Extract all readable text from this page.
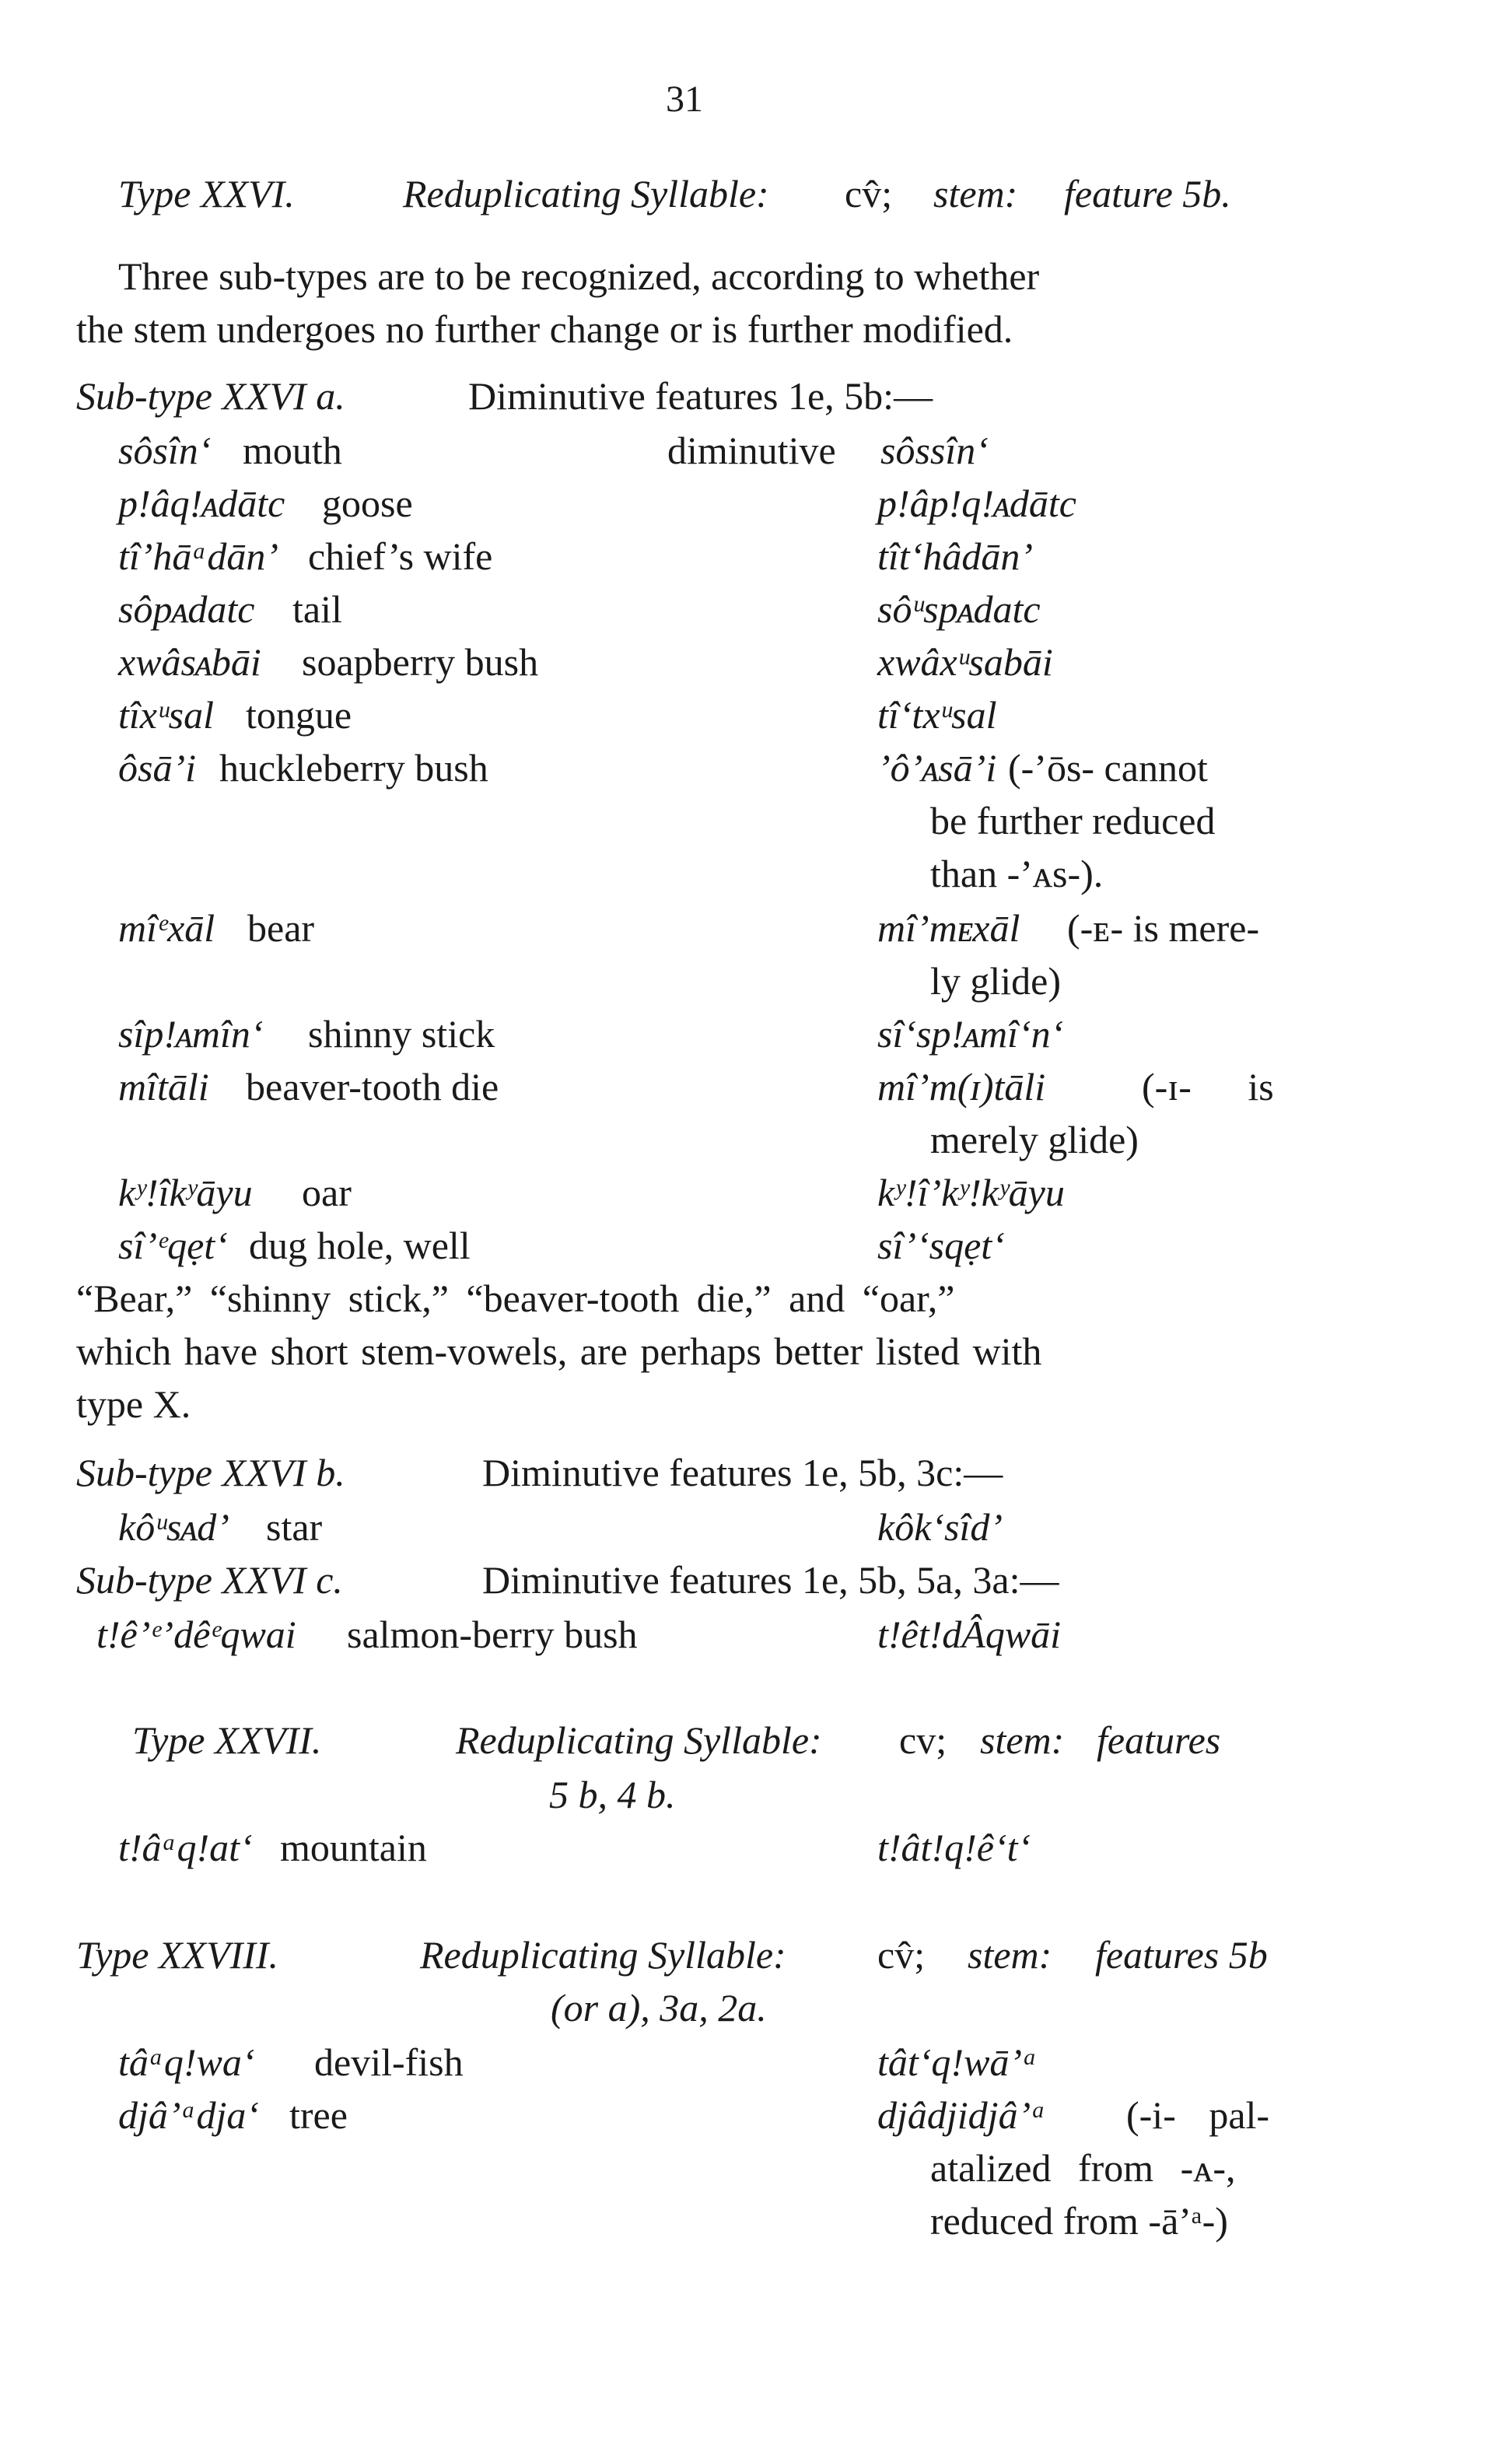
31
Type XXVI.	Reduplicating Syllable: cv̂; stem: feature 5b.
Three sub-types are to be recognized, according to whether
the stem undergoes no further change or is further modified.
Sub-type XXVI a.	Diminutive features 1e, 5b:—
sôsîn‘ mouth	diminutive sôssîn‘
p!âq!ᴀdātc goose	p!âp!q!ᴀdātc
tî’hāᵃdān’ chief’s wife	tît‘hâdān’
sôpᴀdatc tail	sôᵘspᴀdatc
xwâsᴀbāi soapberry bush	xwâxᵘsabāi
tîxᵘsal tongue	tî‘txᵘsal
ôsā’i huckleberry bush	’ô’ᴀsā’i (-’ōs- cannot
be further reduced
than -’ᴀs-).
mîᵉxāl bear	mî’mᴇxāl (-ᴇ- is mere-
ly glide)
sîp!ᴀmîn‘ shinny stick	sî‘sp!ᴀmî‘n‘
mîtāli beaver-tooth die	mî’m(ɪ)tāli (-ɪ- is
merely glide)
kʸ!îkʸāyu oar	kʸ!î’kʸ!kʸāyu
sî’ᵉqẹt‘ dug hole, well	sî’‘sqẹt‘
“Bear,” “shinny stick,” “beaver-tooth die,” and “oar,”
which have short stem-vowels, are perhaps better listed with
type X.
Sub-type XXVI b.	Diminutive features 1e, 5b, 3c:—
kôᵘsᴀd’ star	kôk‘sîd’
Sub-type XXVI c.	Diminutive features 1e, 5b, 5a, 3a:—
t!ê’ᵉ’dêᵉqwai salmon-berry bush	t!êt!dÂqwāi
Type XXVII.	Reduplicating Syllable: cv; stem: features
5 b, 4 b.
t!âᵃq!at‘ mountain	t!ât!q!ê‘t‘
Type XXVIII.	Reduplicating Syllable: cv̂; stem: features 5b
(or a), 3a, 2a.
tâᵃq!wa‘ devil-fish	tât‘q!wā’ᵃ
djâ’ᵃdja‘ tree	djâdjidjâ’ᵃ (-i- pal-
atalized from -ᴀ-,
reduced from -ā’ᵃ-)
